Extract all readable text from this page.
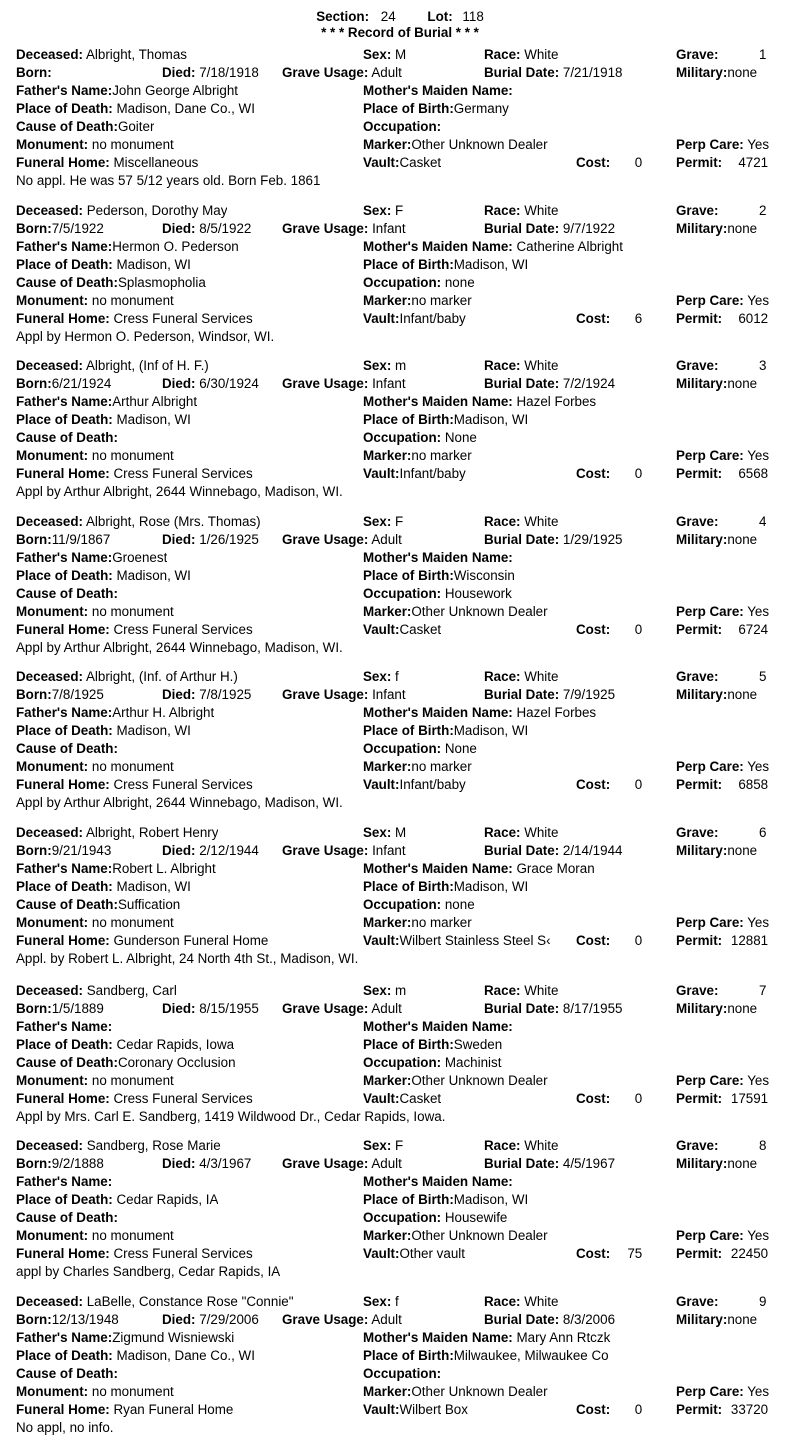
Section: 24 Lot: 118
* * * Record of Burial * * *
Deceased: Albright, Thomas	Sex: M	Race: White	Grave:	1
Born:	Died: 7/18/1918 Grave Usage: Adult	Burial Date: 7/21/1918	Military:none
Father's Name:John George Albright	Mother's Maiden Name:
Place of Death: Madison, Dane Co., WI	Place of Birth:Germany
Cause of Death:Goiter	Occupation:
Monument: no monument	Marker:Other Unknown Dealer	Perp Care: Yes
Funeral Home: Miscellaneous	Vault:Casket	Cost: 0	Permit: 4721
No appl. He was 57 5/12 years old. Born Feb. 1861
Deceased: Pederson, Dorothy May	Sex: F	Race: White	Grave:	2
Born:7/5/1922	Died: 8/5/1922 Grave Usage: Infant	Burial Date: 9/7/1922	Military:none
Father's Name:Hermon O. Pederson	Mother's Maiden Name: Catherine Albright
Place of Death: Madison, WI	Place of Birth:Madison, WI
Cause of Death:Splasmopholia	Occupation: none
Monument: no monument	Marker:no marker	Perp Care: Yes
Funeral Home: Cress Funeral Services	Vault:Infant/baby	Cost: 6	Permit: 6012
Appl by Hermon O. Pederson, Windsor, WI.
Deceased: Albright, (Inf of H. F.)	Sex: m	Race: White	Grave:	3
Born:6/21/1924	Died: 6/30/1924 Grave Usage: Infant	Burial Date: 7/2/1924	Military:none
Father's Name:Arthur Albright	Mother's Maiden Name: Hazel Forbes
Place of Death: Madison, WI	Place of Birth:Madison, WI
Cause of Death:	Occupation: None
Monument: no monument	Marker:no marker	Perp Care: Yes
Funeral Home: Cress Funeral Services	Vault:Infant/baby	Cost: 0	Permit: 6568
Appl by Arthur Albright, 2644 Winnebago, Madison, WI.
Deceased: Albright, Rose (Mrs. Thomas)	Sex: F	Race: White	Grave:	4
Born:11/9/1867	Died: 1/26/1925 Grave Usage: Adult	Burial Date: 1/29/1925	Military:none
Father's Name:Groenest	Mother's Maiden Name:
Place of Death: Madison, WI	Place of Birth:Wisconsin
Cause of Death:	Occupation: Housework
Monument: no monument	Marker:Other Unknown Dealer	Perp Care: Yes
Funeral Home: Cress Funeral Services	Vault:Casket	Cost: 0	Permit: 6724
Appl by Arthur Albright, 2644 Winnebago, Madison, WI.
Deceased: Albright, (Inf. of Arthur H.)	Sex: f	Race: White	Grave:	5
Born:7/8/1925	Died: 7/8/1925 Grave Usage: Infant	Burial Date: 7/9/1925	Military:none
Father's Name:Arthur H. Albright	Mother's Maiden Name: Hazel Forbes
Place of Death: Madison, WI	Place of Birth:Madison, WI
Cause of Death:	Occupation: None
Monument: no monument	Marker:no marker	Perp Care: Yes
Funeral Home: Cress Funeral Services	Vault:Infant/baby	Cost: 0	Permit: 6858
Appl by Arthur Albright, 2644 Winnebago, Madison, WI.
Deceased: Albright, Robert Henry	Sex: M	Race: White	Grave:	6
Born:9/21/1943	Died: 2/12/1944 Grave Usage: Infant	Burial Date: 2/14/1944	Military:none
Father's Name:Robert L. Albright	Mother's Maiden Name: Grace Moran
Place of Death: Madison, WI	Place of Birth:Madison, WI
Cause of Death:Suffication	Occupation: none
Monument: no monument	Marker:no marker	Perp Care: Yes
Funeral Home: Gunderson Funeral Home	Vault:Wilbert Stainless Steel S‹	Cost: 0	Permit: 12881
Appl. by Robert L. Albright, 24 North 4th St., Madison, WI.
Deceased: Sandberg, Carl	Sex: m	Race: White	Grave:	7
Born:1/5/1889	Died: 8/15/1955 Grave Usage: Adult	Burial Date: 8/17/1955	Military:none
Father's Name:	Mother's Maiden Name:
Place of Death: Cedar Rapids, Iowa	Place of Birth:Sweden
Cause of Death:Coronary Occlusion	Occupation: Machinist
Monument: no monument	Marker:Other Unknown Dealer	Perp Care: Yes
Funeral Home: Cress Funeral Services	Vault:Casket	Cost: 0	Permit: 17591
Appl by Mrs. Carl E. Sandberg, 1419 Wildwood Dr., Cedar Rapids, Iowa.
Deceased: Sandberg, Rose Marie	Sex: F	Race: White	Grave:	8
Born:9/2/1888	Died: 4/3/1967 Grave Usage: Adult	Burial Date: 4/5/1967	Military:none
Father's Name:	Mother's Maiden Name:
Place of Death: Cedar Rapids, IA	Place of Birth:Madison, WI
Cause of Death:	Occupation: Housewife
Monument: no monument	Marker:Other Unknown Dealer	Perp Care: Yes
Funeral Home: Cress Funeral Services	Vault:Other vault	Cost: 75	Permit: 22450
appl by Charles Sandberg, Cedar Rapids, IA
Deceased: LaBelle, Constance Rose "Connie"	Sex: f	Race: White	Grave:	9
Born:12/13/1948	Died: 7/29/2006 Grave Usage: Adult	Burial Date: 8/3/2006	Military:none
Father's Name:Zigmund Wisniewski	Mother's Maiden Name: Mary Ann Rtczk
Place of Death: Madison, Dane Co., WI	Place of Birth:Milwaukee, Milwaukee Co
Cause of Death:	Occupation:
Monument: no monument	Marker:Other Unknown Dealer	Perp Care: Yes
Funeral Home: Ryan Funeral Home	Vault:Wilbert Box	Cost: 0	Permit: 33720
No appl, no info.
